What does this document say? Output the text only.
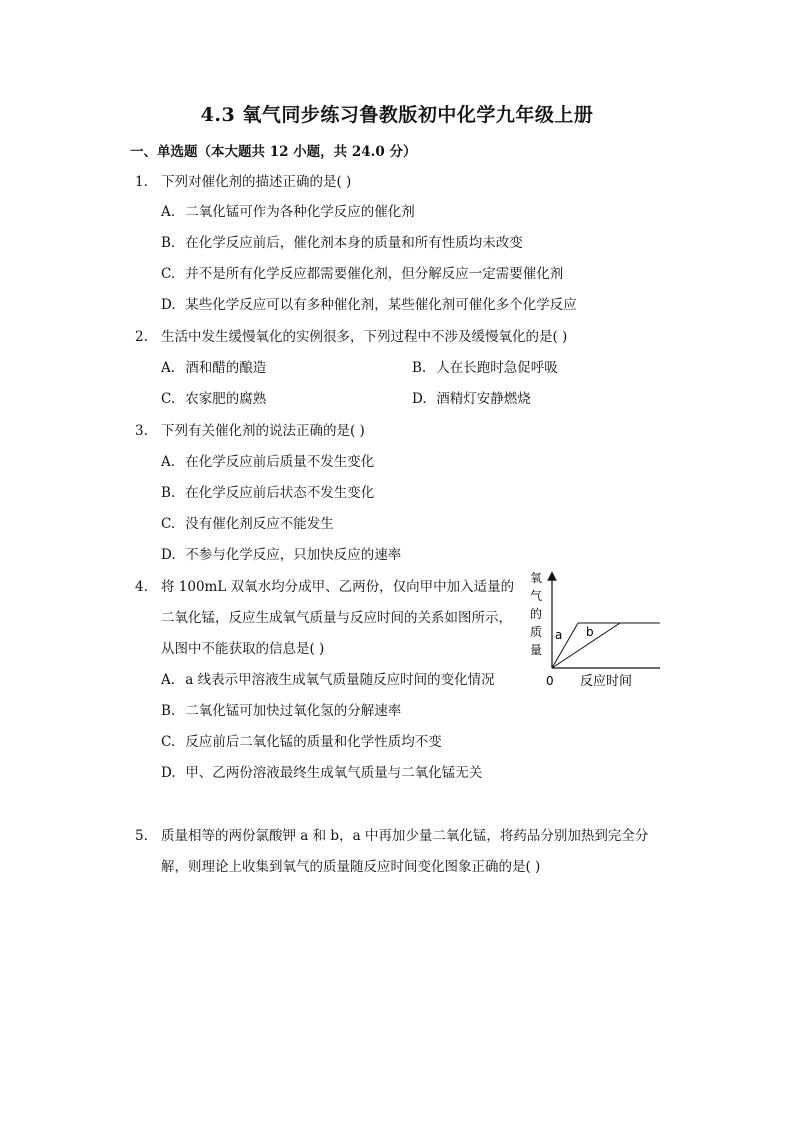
4.3 氧气同步练习鲁教版初中化学九年级上册
一、单选题（本大题共 12 小题，共 24.0 分）
1. 下列对催化剂的描述正确的是( )
A. 二氧化锰可作为各种化学反应的催化剂
B. 在化学反应前后，催化剂本身的质量和所有性质均未改变
C. 并不是所有化学反应都需要催化剂，但分解反应一定需要催化剂
D. 某些化学反应可以有多种催化剂，某些催化剂可催化多个化学反应
2. 生活中发生缓慢氧化的实例很多，下列过程中不涉及缓慢氧化的是( )
A. 酒和醋的酿造	B. 人在长跑时急促呼吸
C. 农家肥的腐熟	D. 酒精灯安静燃烧
3. 下列有关催化剂的说法正确的是( )
A. 在化学反应前后质量不发生变化
B. 在化学反应前后状态不发生变化
C. 没有催化剂反应不能发生
D. 不参与化学反应，只加快反应的速率
4. 将 100mL 双氧水均分成甲、乙两份，仅向甲中加入适量的
二氧化锰，反应生成氧气质量与反应时间的关系如图所示，
从图中不能获取的信息是( )
A. a 线表示甲溶液生成氧气质量随反应时间的变化情况
B. 二氧化锰可加快过氧化氢的分解速率
C. 反应前后二氧化锰的质量和化学性质均不变
D. 甲、乙两份溶液最终生成氧气质量与二氧化锰无关
氧
气
的
质
量
0 反应时间
a b
5. 质量相等的两份氯酸钾 a 和 b，a 中再加少量二氧化锰，将药品分别加热到完全分
解，则理论上收集到氧气的质量随反应时间变化图象正确的是( )
